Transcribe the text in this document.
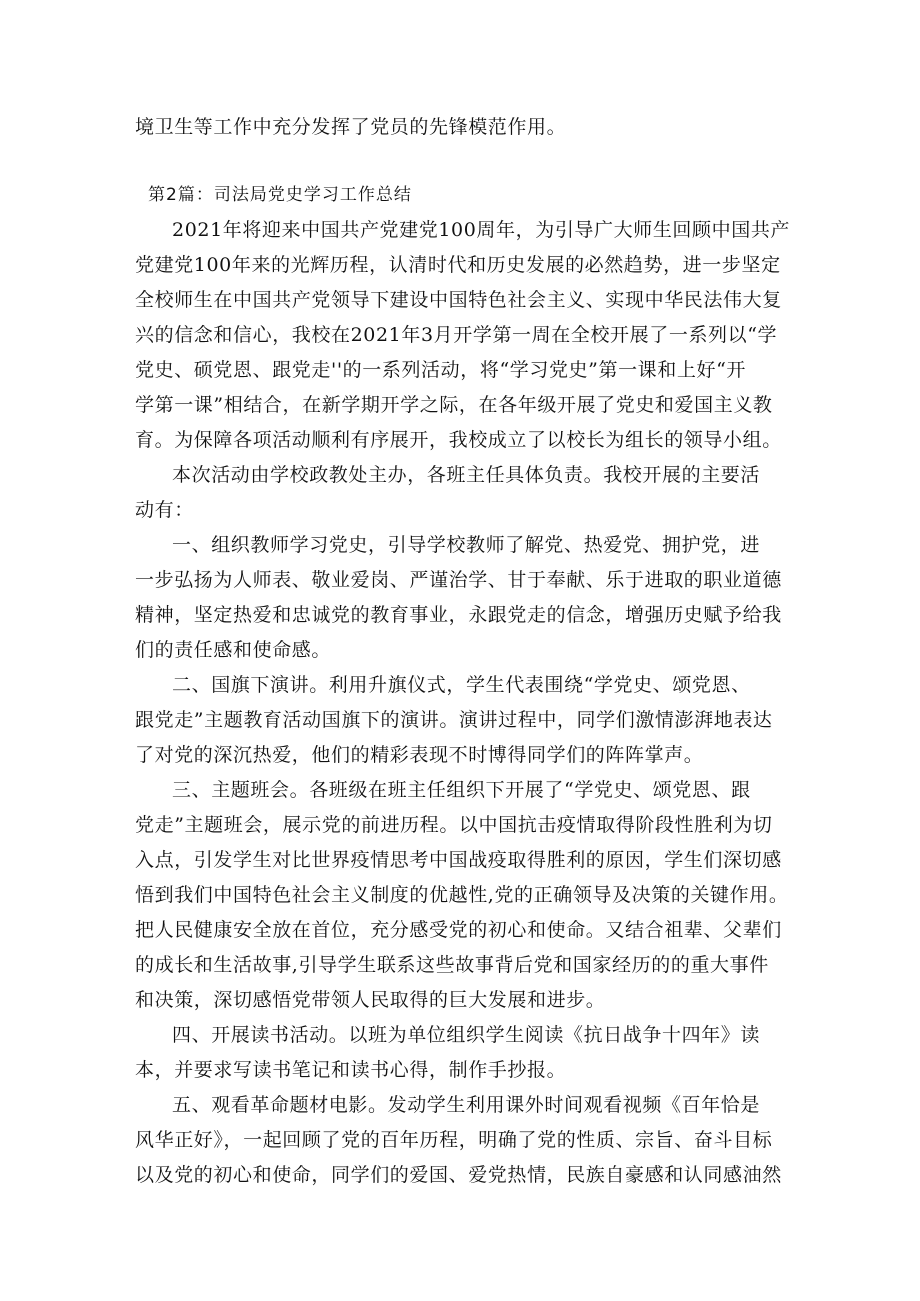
境卫生等工作中充分发挥了党员的先锋模范作用。
第2篇：司法局党史学习工作总结
2021年将迎来中国共产党建党100周年，为引导广大师生回顾中国共产
党建党100年来的光辉历程，认清时代和历史发展的必然趋势，进一步坚定
全校师生在中国共产党领导下建设中国特色社会主义、实现中华民法伟大复
兴的信念和信心，我校在2021年3月开学第一周在全校开展了一系列以“学
党史、硕党恩、跟党走''的一系列活动，将“学习党史”第一课和上好“开
学第一课”相结合，在新学期开学之际，在各年级开展了党史和爱国主义教
育。为保障各项活动顺利有序展开，我校成立了以校长为组长的领导小组。
本次活动由学校政教处主办，各班主任具体负责。我校开展的主要活
动有：
一、组织教师学习党史，引导学校教师了解党、热爱党、拥护党，进
一步弘扬为人师表、敬业爱岗、严谨治学、甘于奉献、乐于进取的职业道德
精神，坚定热爱和忠诚党的教育事业，永跟党走的信念，增强历史赋予给我
们的责任感和使命感。
二、国旗下演讲。利用升旗仪式，学生代表围绕“学党史、颂党恩、
跟党走”主题教育活动国旗下的演讲。演讲过程中，同学们激情澎湃地表达
了对党的深沉热爱，他们的精彩表现不时博得同学们的阵阵掌声。
三、主题班会。各班级在班主任组织下开展了“学党史、颂党恩、跟
党走”主题班会，展示党的前进历程。以中国抗击疫情取得阶段性胜利为切
入点，引发学生对比世界疫情思考中国战疫取得胜利的原因，学生们深切感
悟到我们中国特色社会主义制度的优越性,党的正确领导及决策的关键作用。
把人民健康安全放在首位，充分感受党的初心和使命。又结合祖辈、父辈们
的成长和生活故事,引导学生联系这些故事背后党和国家经历的的重大事件
和决策，深切感悟党带领人民取得的巨大发展和进步。
四、开展读书活动。以班为单位组织学生阅读《抗日战争十四年》读
本，并要求写读书笔记和读书心得，制作手抄报。
五、观看革命题材电影。发动学生利用课外时间观看视频《百年恰是
风华正好》，一起回顾了党的百年历程，明确了党的性质、宗旨、奋斗目标
以及党的初心和使命，同学们的爱国、爱党热情，民族自豪感和认同感油然
